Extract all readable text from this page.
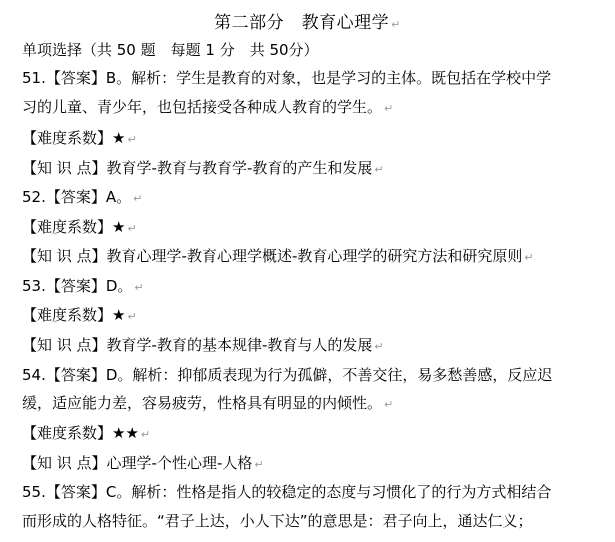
第二部分　教育心理学 ↵
单项选择（共 50 题　每题 1 分　共 50分）
51.【答案】B。解析：学生是教育的对象，也是学习的主体。既包括在学校中学
习的儿童、青少年，也包括接受各种成人教育的学生。 ↵
【难度系数】★ ↵
【知 识 点】教育学-教育与教育学-教育的产生和发展 ↵
52.【答案】A。 ↵
【难度系数】★ ↵
【知 识 点】教育心理学-教育心理学概述-教育心理学的研究方法和研究原则 ↵
53.【答案】D。 ↵
【难度系数】★ ↵
【知 识 点】教育学-教育的基本规律-教育与人的发展 ↵
54.【答案】D。解析：抑郁质表现为行为孤僻，不善交往，易多愁善感，反应迟
缓，适应能力差，容易疲劳，性格具有明显的内倾性。 ↵
【难度系数】★★ ↵
【知 识 点】心理学-个性心理-人格 ↵
55.【答案】C。解析：性格是指人的较稳定的态度与习惯化了的行为方式相结合
而形成的人格特征。“君子上达，小人下达”的意思是：君子向上，通达仁义；
